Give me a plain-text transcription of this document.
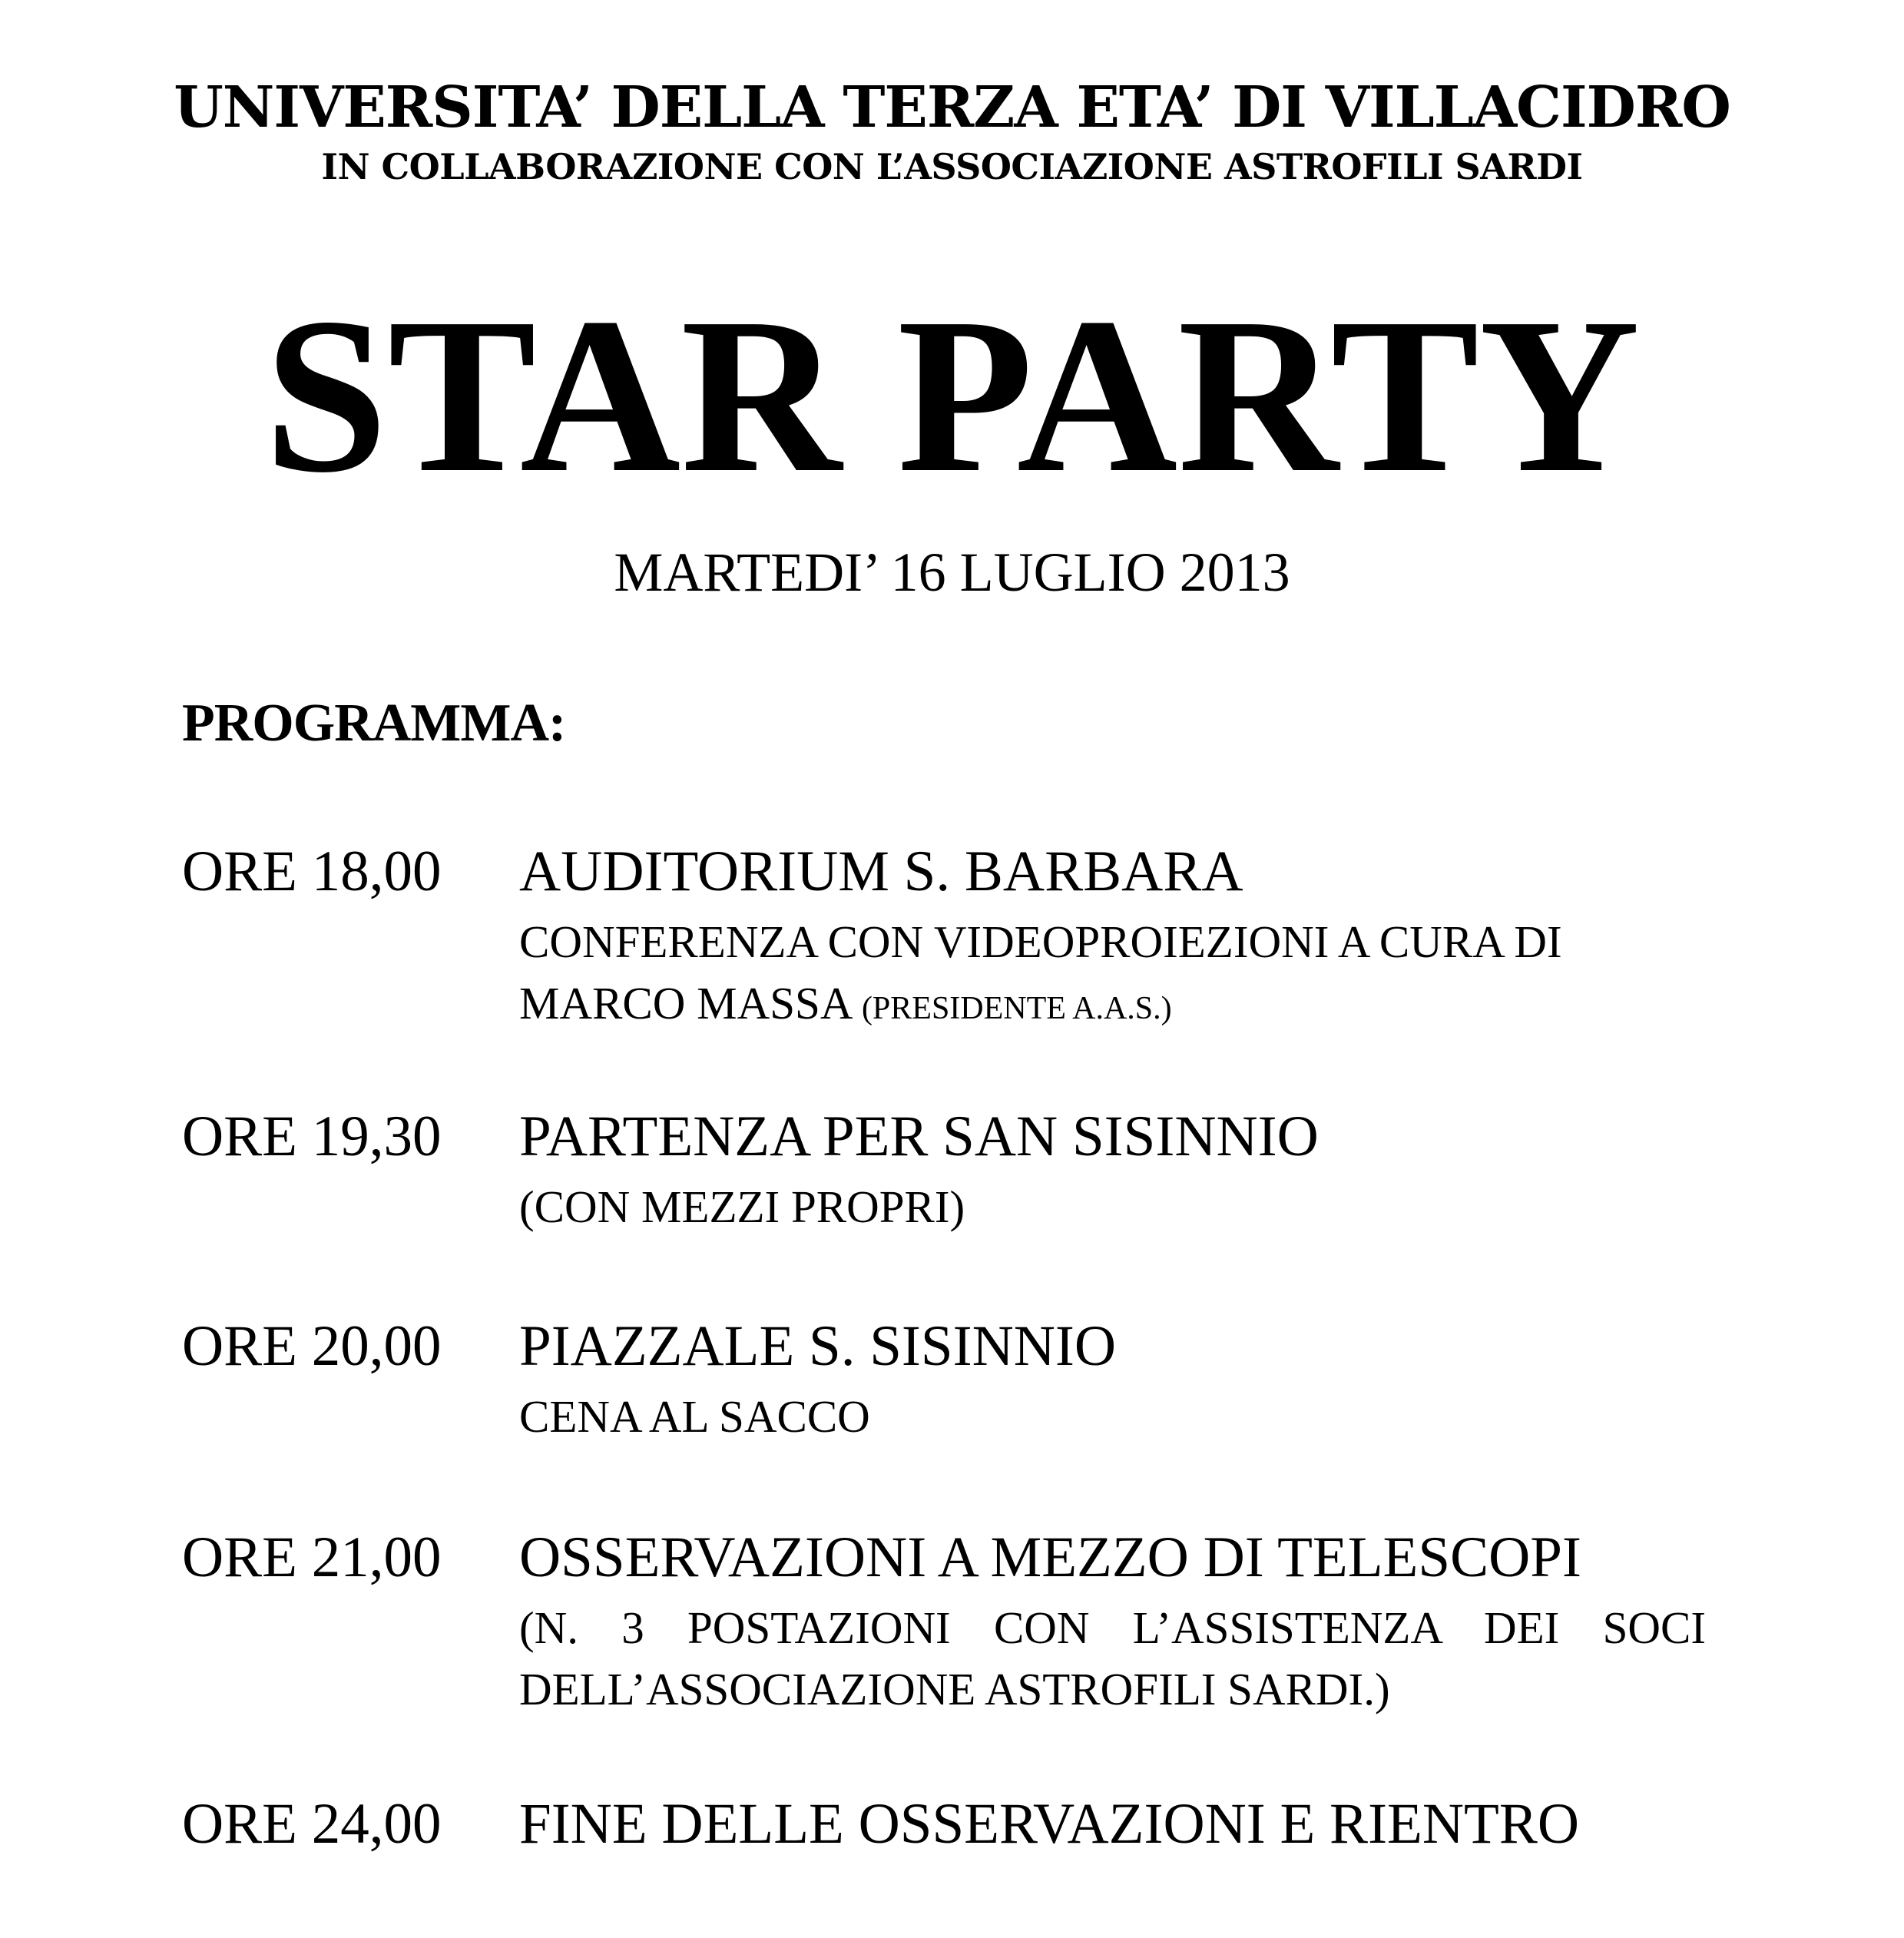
UNIVERSITA’ DELLA TERZA ETA’ DI VILLACIDRO
IN COLLABORAZIONE CON L’ASSOCIAZIONE ASTROFILI SARDI
STAR PARTY
MARTEDI’ 16 LUGLIO 2013
PROGRAMMA:
ORE 18,00 AUDITORIUM S. BARBARA
CONFERENZA CON VIDEOPROIEZIONI A CURA DI
MARCO MASSA (PRESIDENTE A.A.S.)
ORE 19,30 PARTENZA PER SAN SISINNIO
(CON MEZZI PROPRI)
ORE 20,00 PIAZZALE S. SISINNIO
CENA AL SACCO
ORE 21,00 OSSERVAZIONI A MEZZO DI TELESCOPI
(N. 3 POSTAZIONI CON L’ASSISTENZA DEI SOCI DELL’ASSOCIAZIONE ASTROFILI SARDI.)
ORE 24,00 FINE DELLE OSSERVAZIONI E RIENTRO
